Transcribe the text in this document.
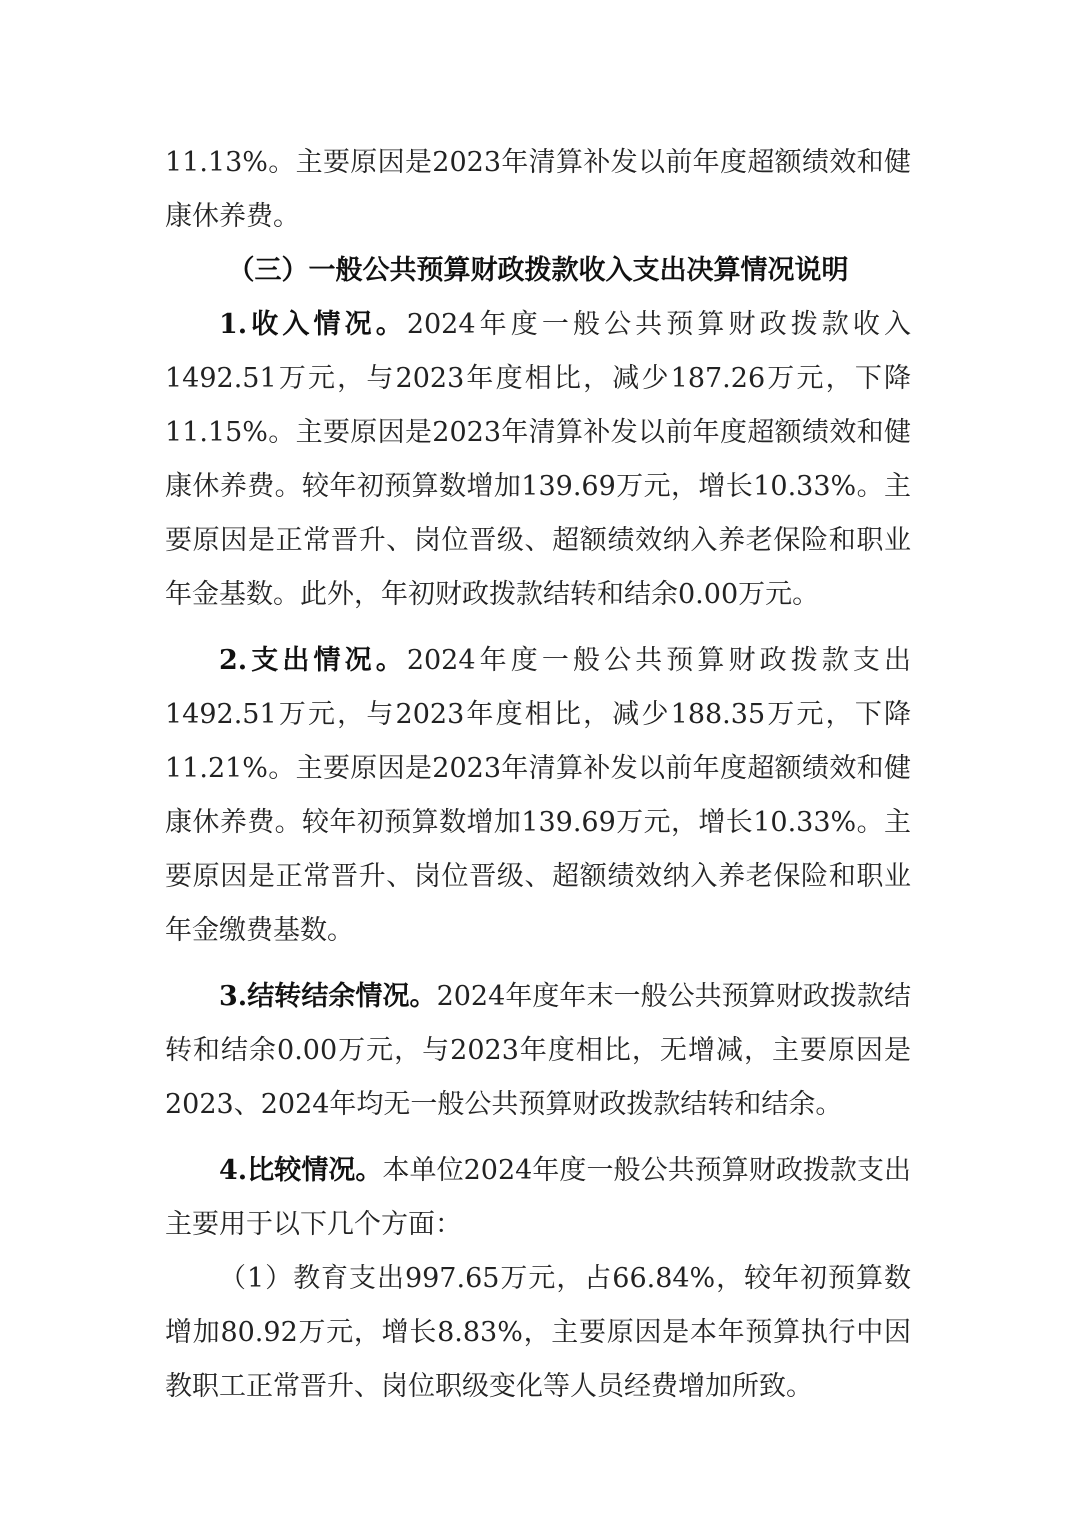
11.13%。主要原因是2023年清算补发以前年度超额绩效和健康休养费。

（三）一般公共预算财政拨款收入支出决算情况说明

1.收入情况。2024年度一般公共预算财政拨款收入1492.51万元，与2023年度相比，减少187.26万元，下降11.15%。主要原因是2023年清算补发以前年度超额绩效和健康休养费。较年初预算数增加139.69万元，增长10.33%。主要原因是正常晋升、岗位晋级、超额绩效纳入养老保险和职业年金基数。此外，年初财政拨款结转和结余0.00万元。

2.支出情况。2024年度一般公共预算财政拨款支出1492.51万元，与2023年度相比，减少188.35万元，下降11.21%。主要原因是2023年清算补发以前年度超额绩效和健康休养费。较年初预算数增加139.69万元，增长10.33%。主要原因是正常晋升、岗位晋级、超额绩效纳入养老保险和职业年金缴费基数。

3.结转结余情况。2024年度年末一般公共预算财政拨款结转和结余0.00万元，与2023年度相比，无增减，主要原因是2023、2024年均无一般公共预算财政拨款结转和结余。

4.比较情况。本单位2024年度一般公共预算财政拨款支出主要用于以下几个方面：

（1）教育支出997.65万元，占66.84%，较年初预算数增加80.92万元，增长8.83%，主要原因是本年预算执行中因教职工正常晋升、岗位职级变化等人员经费增加所致。
